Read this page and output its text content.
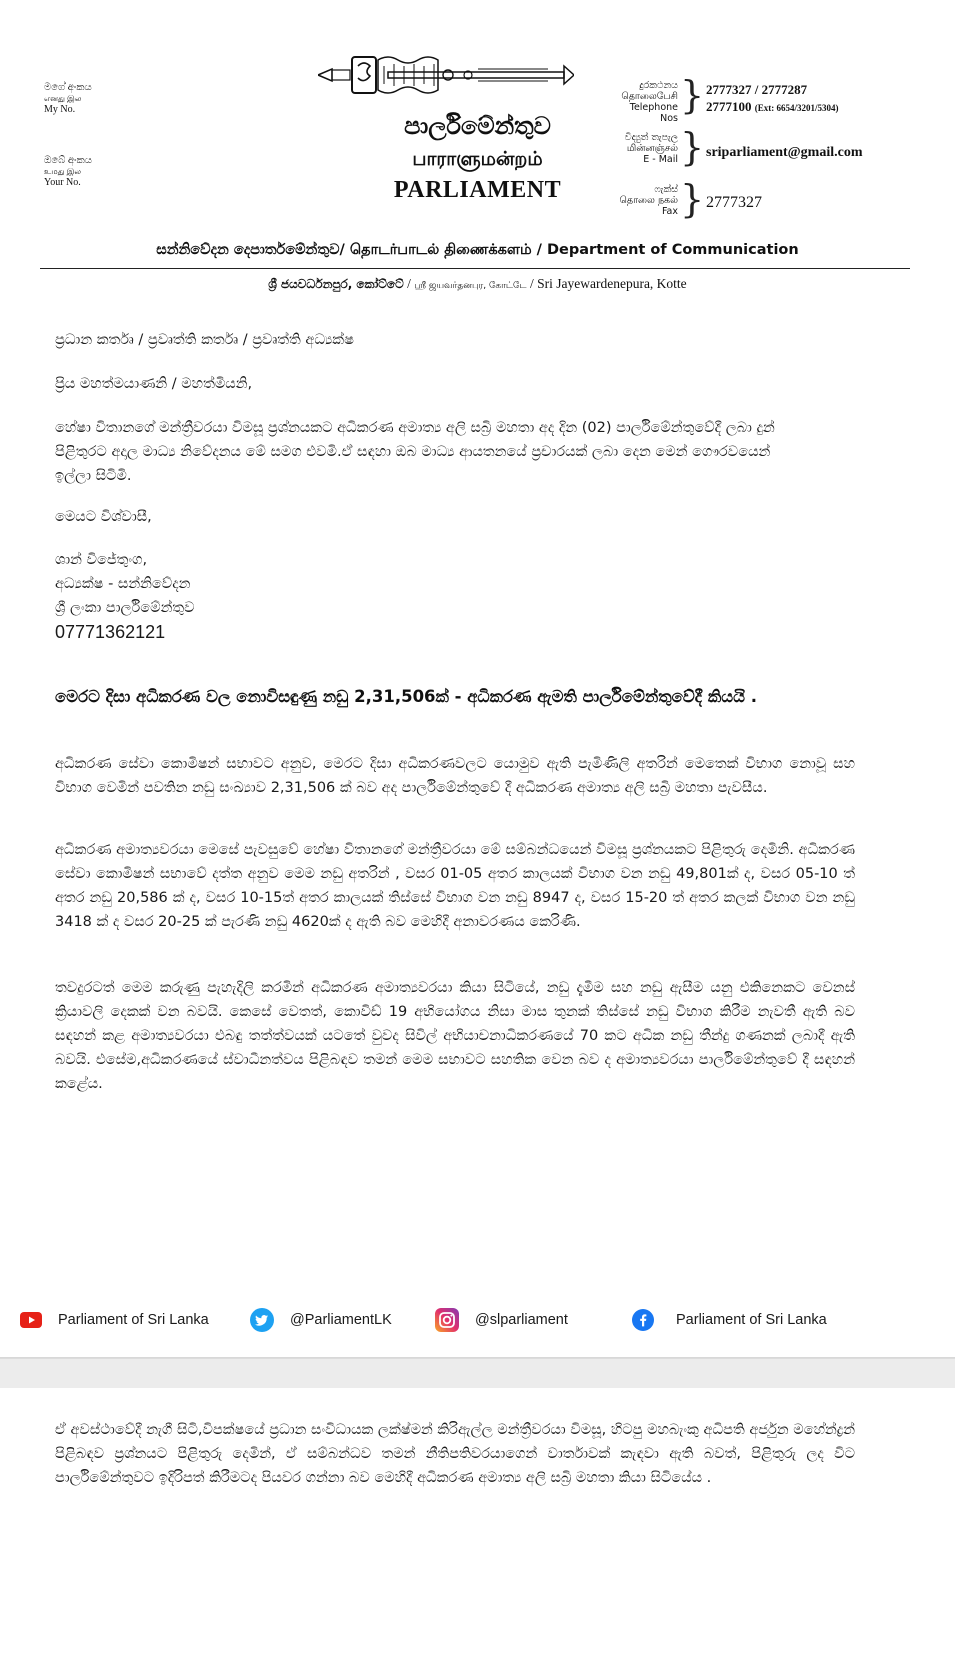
මගේ අංකය
எனது இல
My No.
ඔබේ අංකය
உமது இல
Your No.
පාර්ලිමේන්තුව
பாராளுமன்றம்
PARLIAMENT
දුරකථනය
தொலைபேசி
Telephone Nos
} 2777327 / 2777287
2777100 (Ext: 6654/3201/5304)
විද්‍යුත් තැපැල
மின்னஞ்சல்
E - Mail } sriparliament@gmail.com
ෆැක්ස්
தொலை நகல்
Fax } 2777327
සන්නිවේදන දෙපාර්තමේන්තුව/ தொடர்பாடல் திணைக்களம் / Department of Communication
ශ්‍රී ජයවර්ධනපුර, කෝට්ටේ / ஸ்ரீ ஜயவர்தனபுர, கோட்டே / Sri Jayewardenepura, Kotte
ප්‍රධාන කර්තෘ / ප්‍රවෘත්ති කර්තෘ / ප්‍රවෘත්ති අධ්‍යක්ෂ
ප්‍රිය මහත්මයාණනි / මහත්මියනි,
හේෂා විතානගේ මන්ත්‍රීවරයා විමසූ ප්‍රශ්නයකට අධිකරණ අමාත්‍ය අලි සබ්‍රි මහතා අද දින (02) පාර්ලිමේන්තුවේදී ලබා දුන් පිළිතුරට අදාල මාධ්‍ය නිවේදනය මේ සමග එවමි.ඒ සඳහා ඔබ මාධ්‍ය ආයතනයේ ප්‍රචාරයක් ලබා දෙන මෙන් ගෞරවයෙන් ඉල්ලා සිටිමි.
මෙයට විශ්වාසී,
ශාන් විජේතුංග,
අධ්‍යක්ෂ - සන්නිවේදන
ශ්‍රී ලංකා පාර්ලිමේන්තුව
07771362121
මෙරට දිසා අධිකරණ වල නොවිසඳුණු නඩු 2,31,506ක් - අධිකරණ ඇමති පාර්ලිමේන්තුවේදී කියයි .
අධිකරණ සේවා කොමිෂන් සභාවට අනුව, මෙරට දිසා අධිකරණවලට යොමුව ඇති පැමිණිලි අතරින් මෙතෙක් විභාග නොවූ සහ විභාග වෙමින් පවතින නඩු සංඛ්‍යාව 2,31,506 ක් බව අද පාර්ලිමේන්තුවේ දී අධිකරණ අමාත්‍ය අලි සබ්‍රි මහතා පැවසීය.
අධිකරණ අමාත්‍යවරයා මෙසේ පැවසුවේ හේෂා විතානගේ මන්ත්‍රීවරයා මේ සම්බන්ධයෙන් විමසූ ප්‍රශ්නයකට පිළිතුරු දෙමිනි. අධිකරණ සේවා කොමිෂන් සභාවේ දත්ත අනුව මෙම නඩු අතරින් , වසර 01-05 අතර කාලයක් විභාග වන නඩු 49,801ක් ද, වසර 05-10 ත් අතර නඩු 20,586 ක් ද, වසර 10-15ත් අතර කාලයක් තිස්සේ විභාග වන නඩු 8947 ද, වසර 15-20 ත් අතර කලක් විභාග වන නඩු 3418 ක් ද වසර 20-25 ක් පැරණි නඩු 4620ක් ද ඇති බව මෙහිදී අනාවරණය කෙරිණි.
තවදුරටත් මෙම කරුණු පැහැදිලි කරමින් අධිකරණ අමාත්‍යවරයා කියා සිටියේ, නඩු දැමීම සහ නඩු ඇසීම යනු එකිනෙකට වෙනස් ක්‍රියාවලි දෙකක් වන බවයි. කෙසේ වෙතත්, කොවිඩ් 19 අභියෝගය නිසා මාස තුනක් තිස්සේ නඩු විභාග කිරීම නැවතී ඇති බව සඳහන් කළ අමාත්‍යවරයා එබඳු තත්ත්වයක් යටතේ වුවද සිවිල් අභියාචනාධිකරණයේ 70 කට අධික නඩු තීන්දු ගණනක් ලබාදී ඇති බවයි. එසේම,අධිකරණයේ ස්වාධීනත්වය පිළිබඳව තමන් මෙම සභාවට සහතික වෙන බව ද අමාත්‍යවරයා පාර්ලිමේන්තුවේ දී සඳහන් කළේය.
Parliament of Sri Lanka	@ParliamentLK	@slparliament	Parliament of Sri Lanka
ඒ අවස්ථාවේදී නැගී සිටි,විපක්ෂයේ ප්‍රධාන සංවිධායක ලක්ෂ්මන් කිරිඇල්ල මන්ත්‍රීවරයා විමසූ, හිටපු මහබැංකු අධිපති අර්ජුන මහේන්ද්‍රන් පිළිබඳව ප්‍රශ්නයට පිළිතුරු දෙමින්, ඒ සම්බන්ධව තමන් නීතිපතිවරයාගෙන් වාර්තාවක් කැඳවා ඇති බවත්, පිළිතුරු ලද විට පාර්ලිමේන්තුවට ඉදිරිපත් කිරීමටද පියවර ගන්නා බව මෙහිදී අධිකරණ අමාත්‍ය අලි සබ්‍රි මහතා කියා සිටියේය .
